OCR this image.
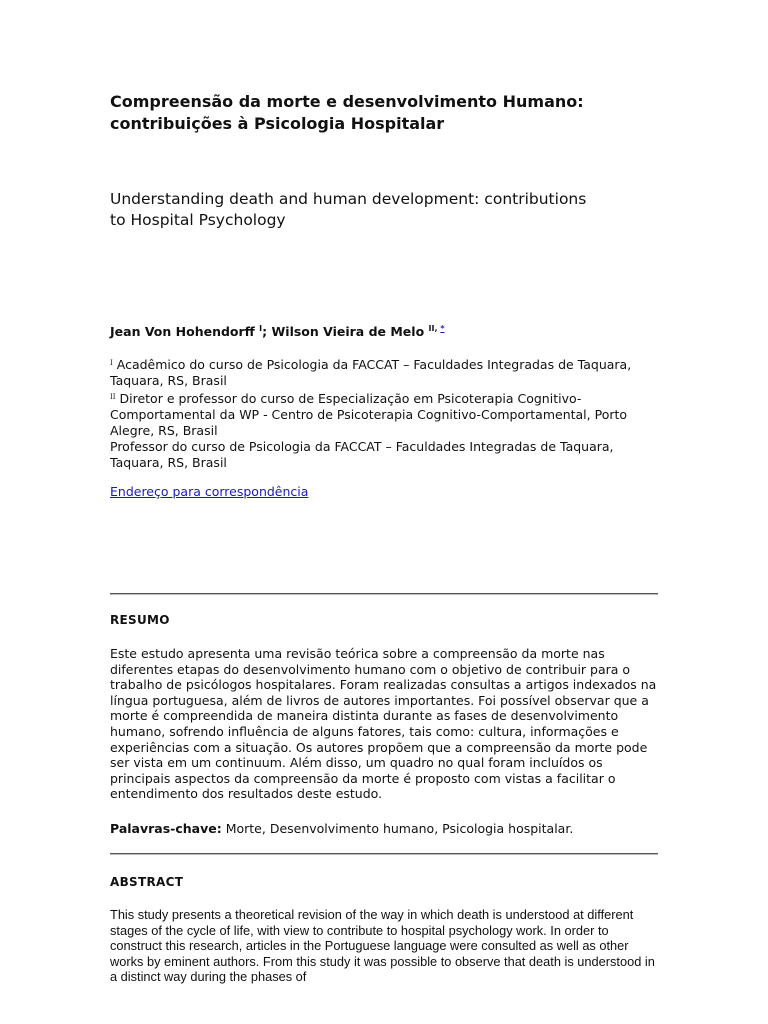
Compreensão da morte e desenvolvimento Humano:
contribuições à Psicologia Hospitalar
Understanding death and human development: contributions
to Hospital Psychology
Jean Von Hohendorff $^I$; Wilson Vieira de Melo $^{II, *}$

$^I$ Acadêmico do curso de Psicologia da FACCAT – Faculdades Integradas de Taquara, Taquara, RS, Brasil

$^{II}$ Diretor e professor do curso de Especialização em Psicoterapia Cognitivo-Comportamental da WP - Centro de Psicoterapia Cognitivo-Comportamental, Porto Alegre, RS, Brasil

Professor do curso de Psicologia da FACCAT – Faculdades Integradas de Taquara, Taquara, RS, Brasil

Endereço para correspondência
RESUMO

Este estudo apresenta uma revisão teórica sobre a compreensão da morte nas diferentes etapas do desenvolvimento humano com o objetivo de contribuir para o trabalho de psicólogos hospitalares. Foram realizadas consultas a artigos indexados na língua portuguesa, além de livros de autores importantes. Foi possível observar que a morte é compreendida de maneira distinta durante as fases de desenvolvimento humano, sofrendo influência de alguns fatores, tais como: cultura, informações e experiências com a situação. Os autores propõem que a compreensão da morte pode ser vista em um continuum. Além disso, um quadro no qual foram incluídos os principais aspectos da compreensão da morte é proposto com vistas a facilitar o entendimento dos resultados deste estudo.

Palavras-chave: Morte, Desenvolvimento humano, Psicologia hospitalar.

ABSTRACT

This study presents a theoretical revision of the way in which death is understood at different stages of the cycle of life, with view to contribute to hospital psychology work. In order to construct this research, articles in the Portuguese language were consulted as well as other works by eminent authors. From this study it was possible to observe that death is understood in a distinct way during the phases of
